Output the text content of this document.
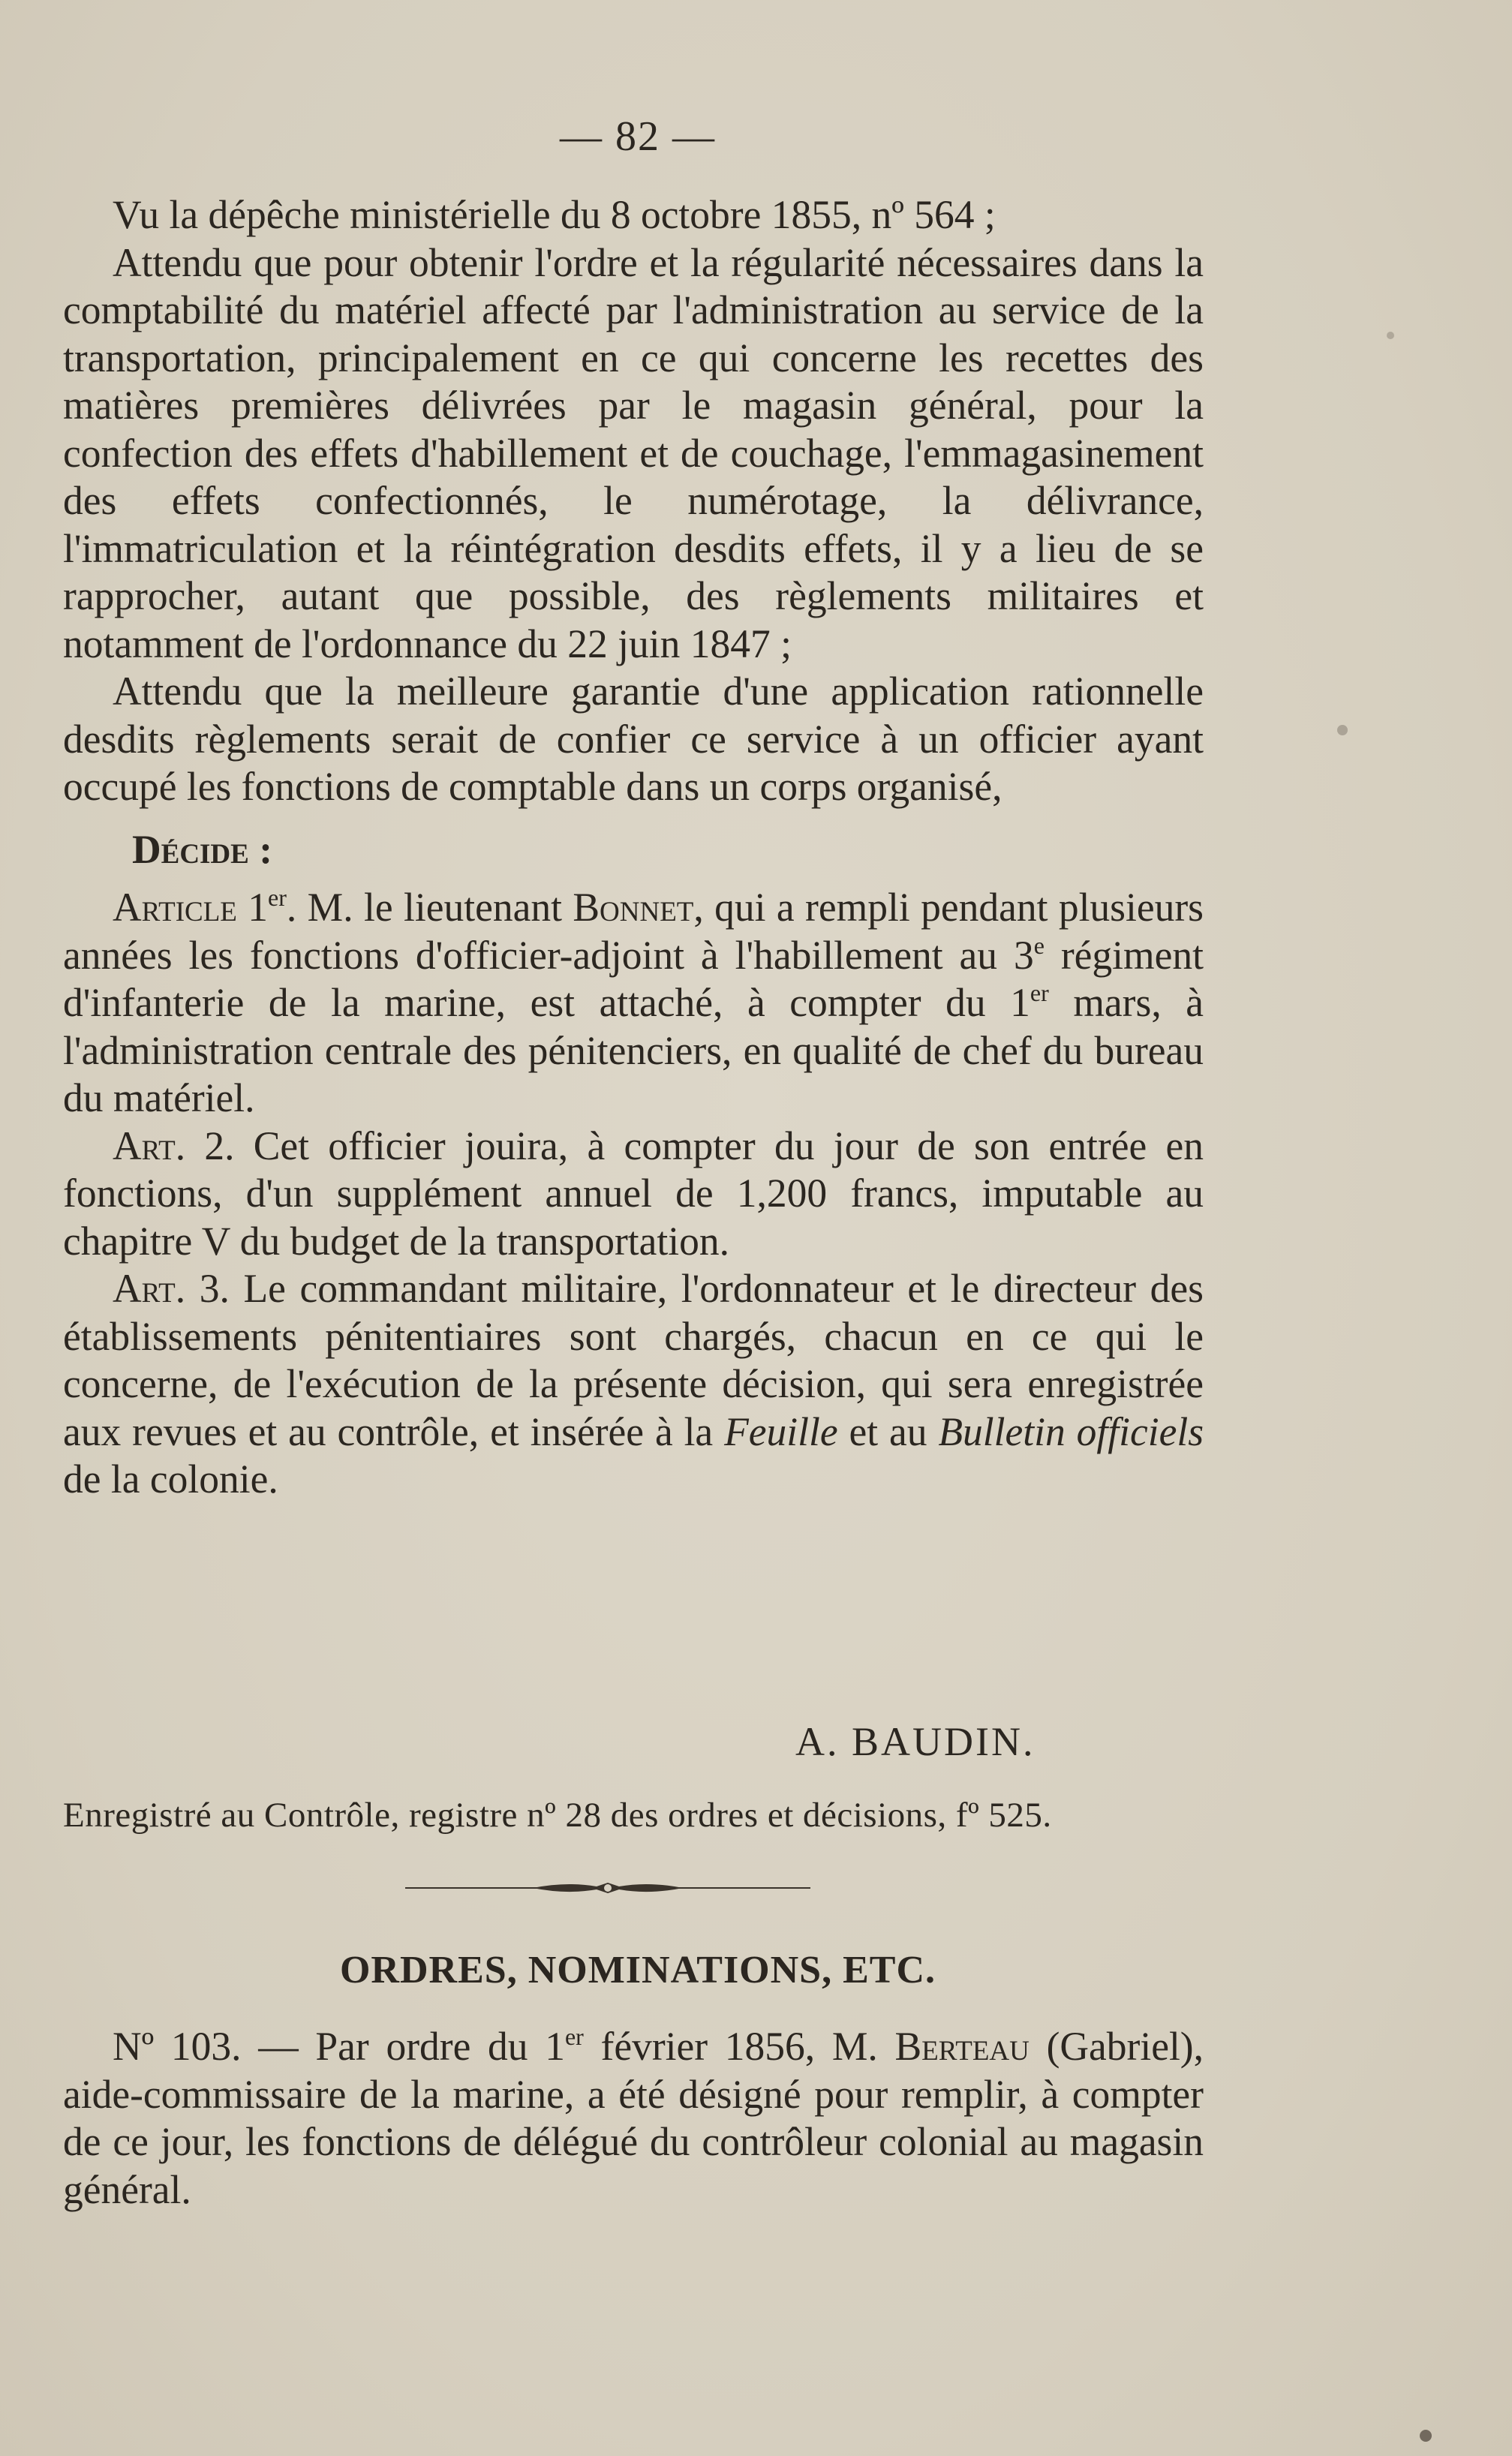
— 82 —

Vu la dépêche ministérielle du 8 octobre 1855, nº 564 ;

Attendu que pour obtenir l'ordre et la régularité nécessaires dans la comptabilité du matériel affecté par l'administration au service de la transportation, principalement en ce qui concerne les recettes des matières premières délivrées par le magasin général, pour la confection des effets d'habillement et de couchage, l'emmagasinement des effets confectionnés, le numérotage, la délivrance, l'immatriculation et la réintégration desdits effets, il y a lieu de se rapprocher, autant que possible, des règlements militaires et notamment de l'ordonnance du 22 juin 1847 ;

Attendu que la meilleure garantie d'une application rationnelle desdits règlements serait de confier ce service à un officier ayant occupé les fonctions de comptable dans un corps organisé,

Décide :

Article 1er. M. le lieutenant Bonnet, qui a rempli pendant plusieurs années les fonctions d'officier-adjoint à l'habillement au 3e régiment d'infanterie de la marine, est attaché, à compter du 1er mars, à l'administration centrale des pénitenciers, en qualité de chef du bureau du matériel.

Art. 2. Cet officier jouira, à compter du jour de son entrée en fonctions, d'un supplément annuel de 1,200 francs, imputable au chapitre V du budget de la transportation.

Art. 3. Le commandant militaire, l'ordonnateur et le directeur des établissements pénitentiaires sont chargés, chacun en ce qui le concerne, de l'exécution de la présente décision, qui sera enregistrée aux revues et au contrôle, et insérée à la Feuille et au Bulletin officiels de la colonie.

A. BAUDIN.
Enregistré au Contrôle, registre nº 28 des ordres et décisions, fº 525.
ORDRES, NOMINATIONS, ETC.

Nº 103. — Par ordre du 1er février 1856, M. Berteau (Gabriel), aide-commissaire de la marine, a été désigné pour remplir, à compter de ce jour, les fonctions de délégué du contrôleur colonial au magasin général.
